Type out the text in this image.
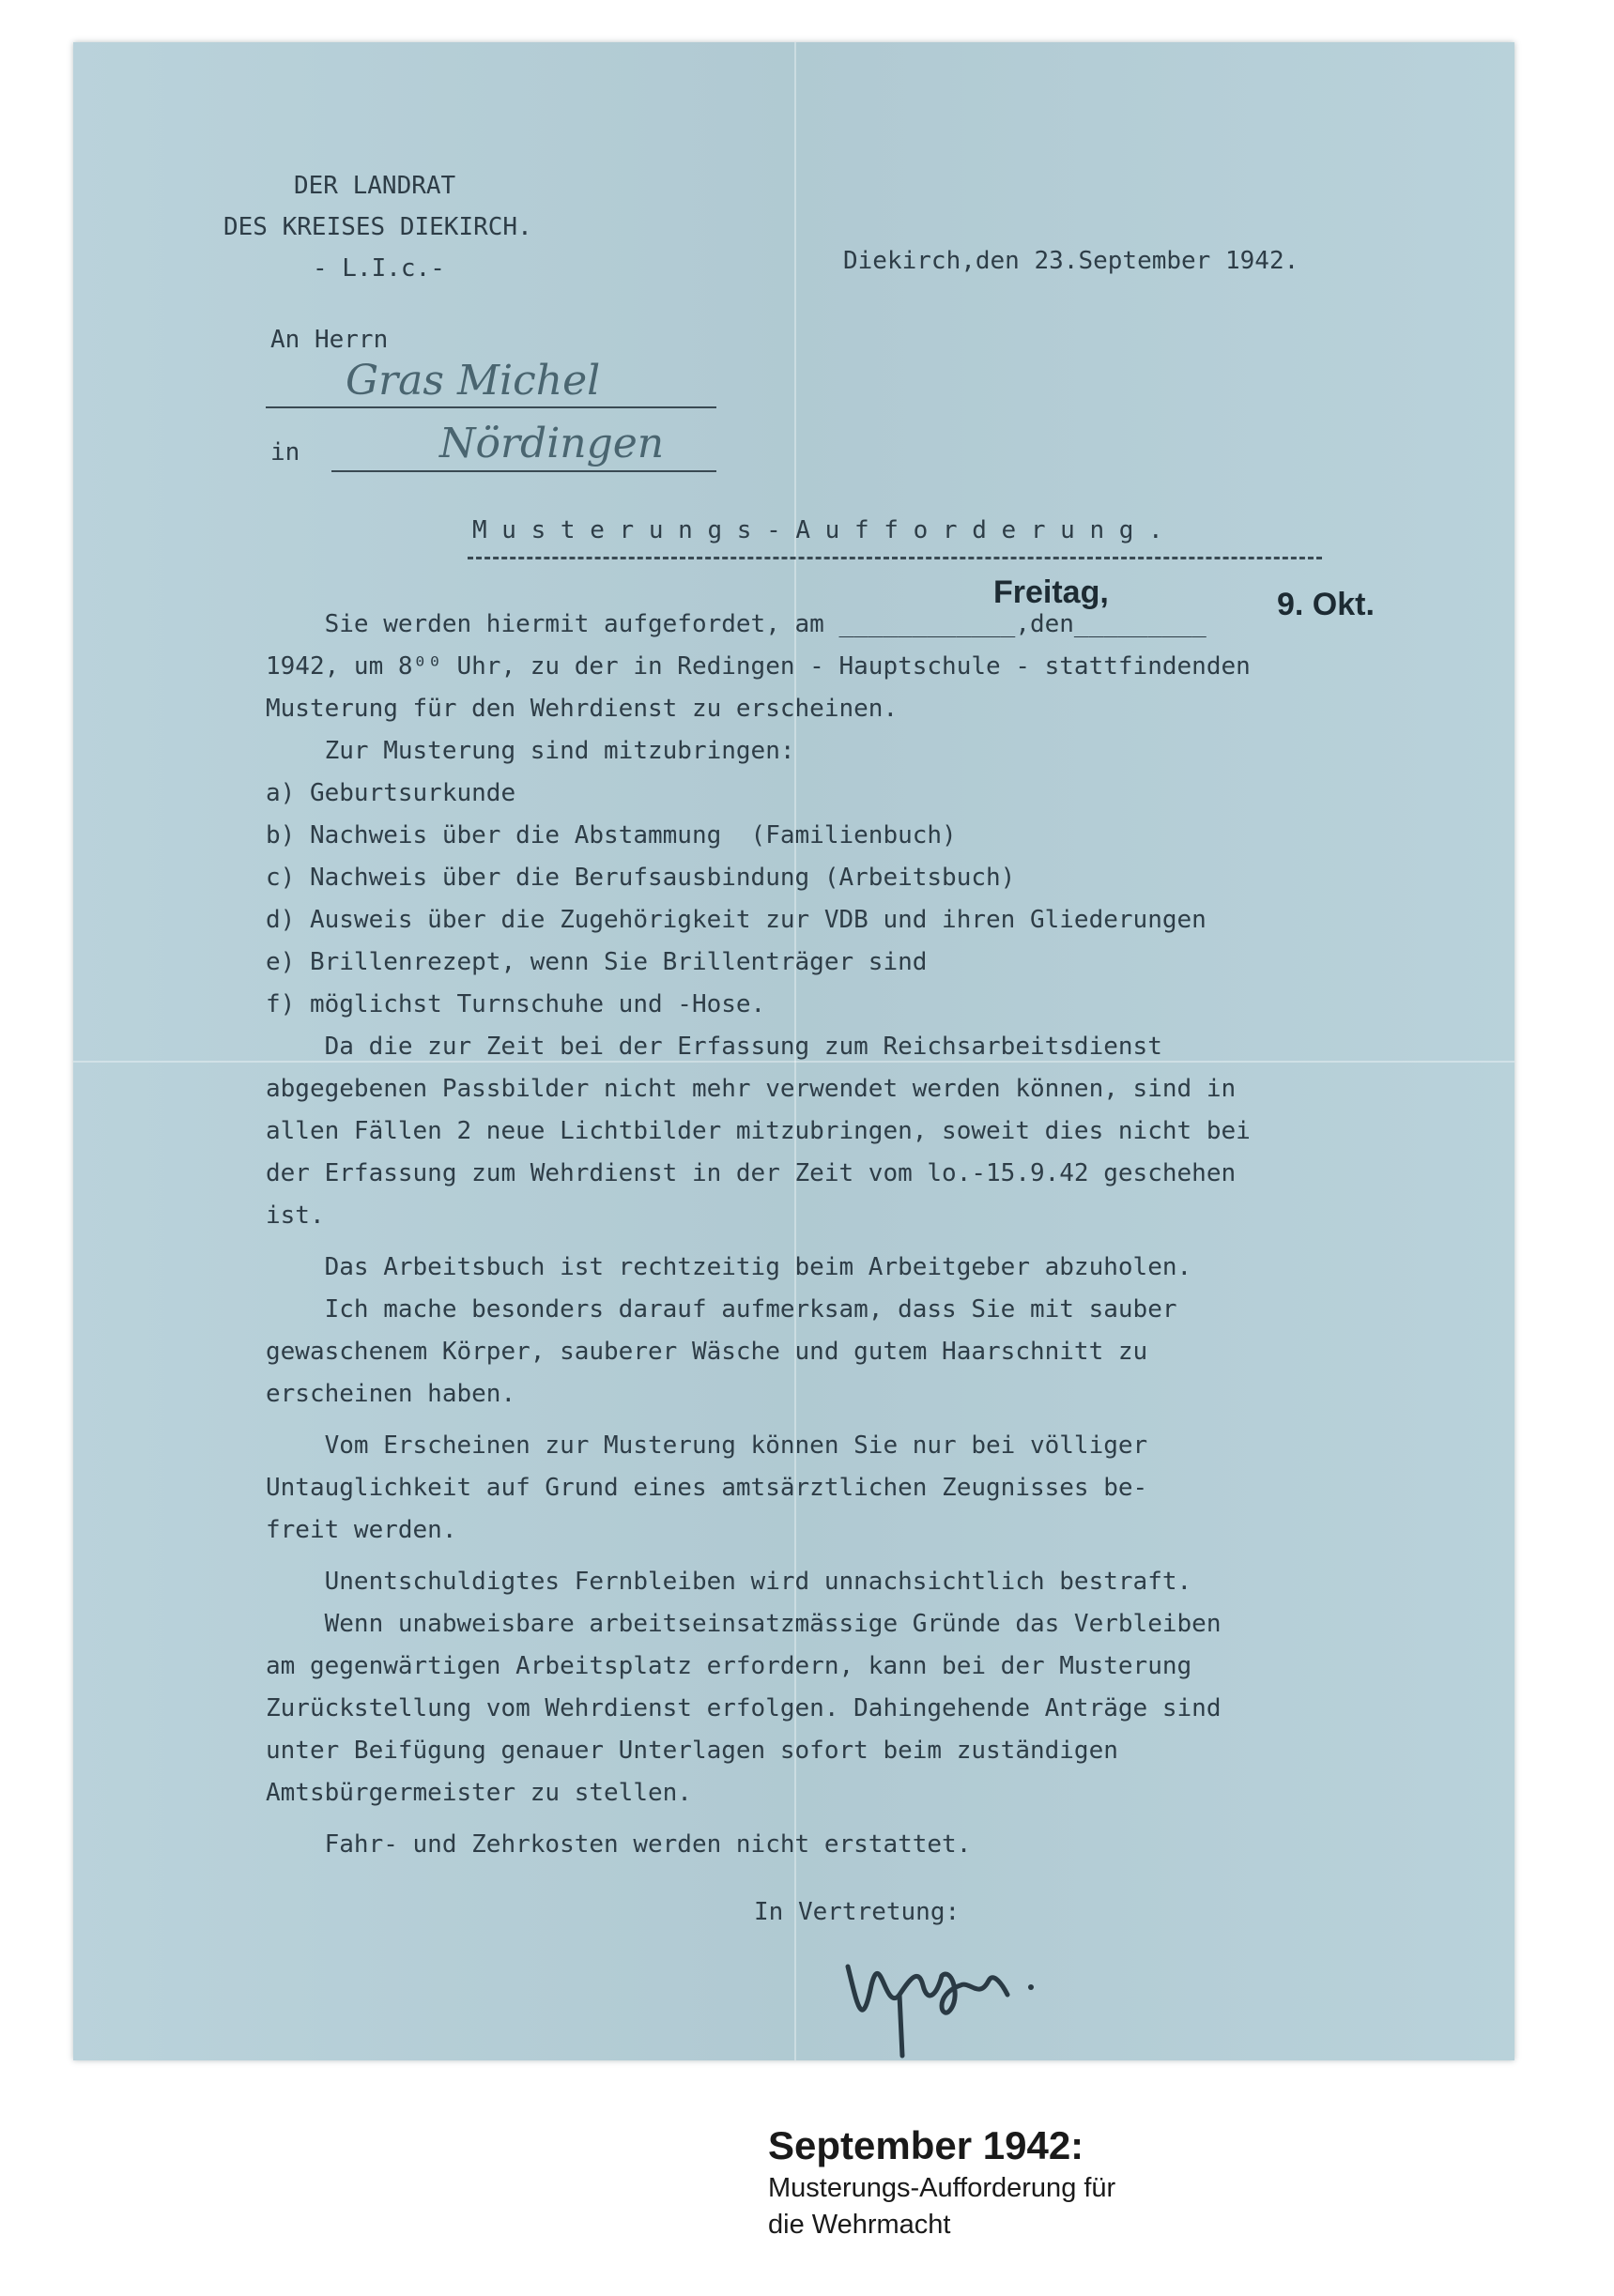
DER LANDRAT
DES KREISES DIEKIRCH.
- L.I.c.-	Diekirch,den 23.September 1942.
An Herrn
Gras Michel
in	Nördingen
M u s t e r u n g s - A u f f o r d e r u n g .
Freitag,	9. Okt.
Sie werden hiermit aufgefordet, am ____________,den_________
1942, um 8⁰⁰ Uhr, zu der in Redingen - Hauptschule - stattfindenden
Musterung für den Wehrdienst zu erscheinen.
Zur Musterung sind mitzubringen:
a) Geburtsurkunde
b) Nachweis über die Abstammung  (Familienbuch)
c) Nachweis über die Berufsausbindung (Arbeitsbuch)
d) Ausweis über die Zugehörigkeit zur VDB und ihren Gliederungen
e) Brillenrezept, wenn Sie Brillenträger sind
f) möglichst Turnschuhe und -Hose.
Da die zur Zeit bei der Erfassung zum Reichsarbeitsdienst
abgegebenen Passbilder nicht mehr verwendet werden können, sind in
allen Fällen 2 neue Lichtbilder mitzubringen, soweit dies nicht bei
der Erfassung zum Wehrdienst in der Zeit vom lo.-15.9.42 geschehen
ist.
Das Arbeitsbuch ist rechtzeitig beim Arbeitgeber abzuholen.
Ich mache besonders darauf aufmerksam, dass Sie mit sauber
gewaschenem Körper, sauberer Wäsche und gutem Haarschnitt zu
erscheinen haben.
Vom Erscheinen zur Musterung können Sie nur bei völliger
Untauglichkeit auf Grund eines amtsärztlichen Zeugnisses be-
freit werden.
Unentschuldigtes Fernbleiben wird unnachsichtlich bestraft.
Wenn unabweisbare arbeitseinsatzmässige Gründe das Verbleiben
am gegenwärtigen Arbeitsplatz erfordern, kann bei der Musterung
Zurückstellung vom Wehrdienst erfolgen. Dahingehende Anträge sind
unter Beifügung genauer Unterlagen sofort beim zuständigen
Amtsbürgermeister zu stellen.
Fahr- und Zehrkosten werden nicht erstattet.
In Vertretung:
September 1942:
Musterungs-Aufforderung für
die Wehrmacht
